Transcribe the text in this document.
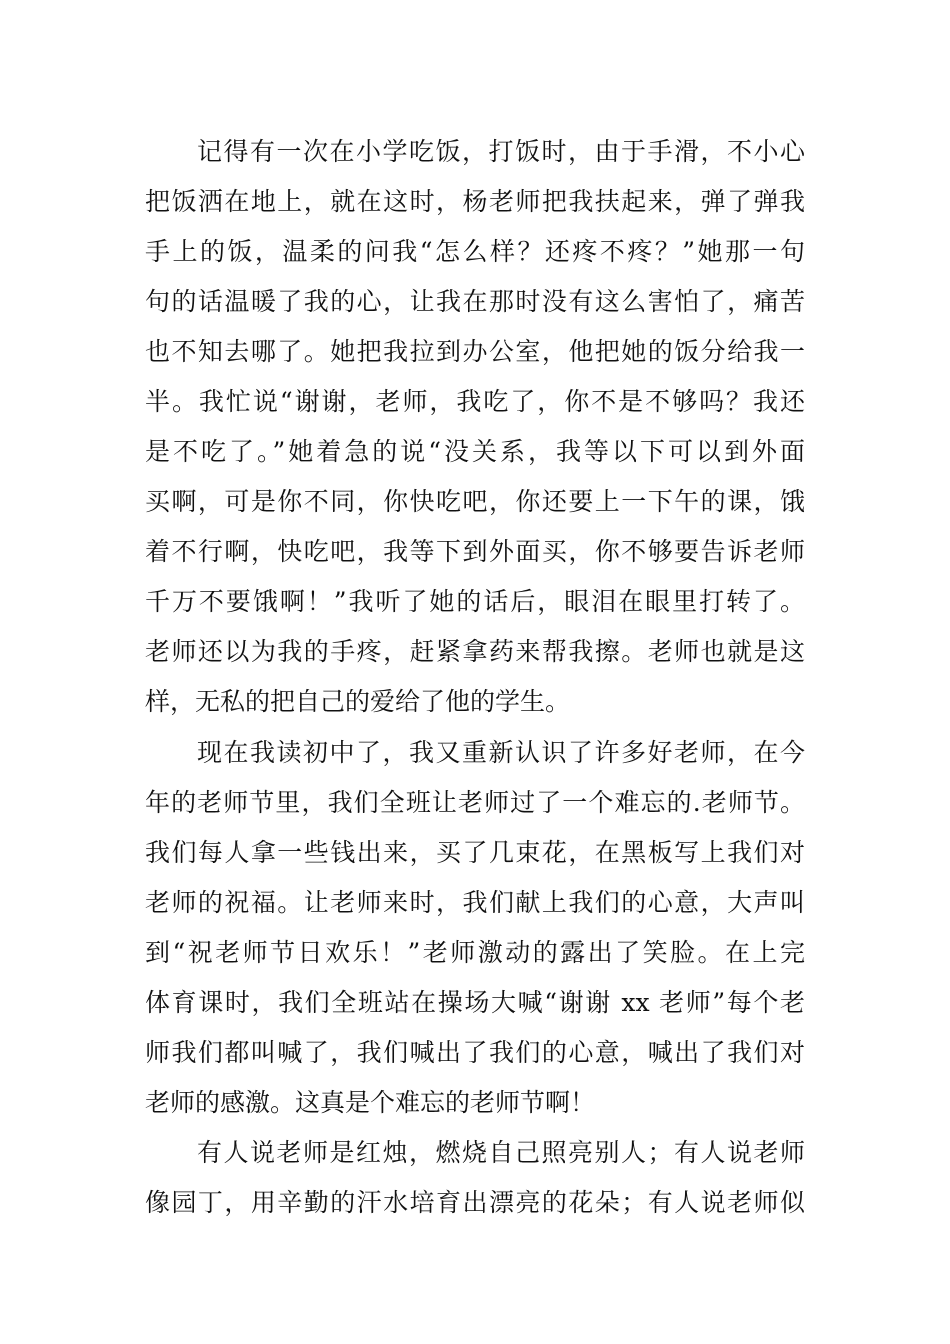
记得有一次在小学吃饭，打饭时，由于手滑，不小心
把饭洒在地上，就在这时，杨老师把我扶起来，弹了弹我
手上的饭，温柔的问我“怎么样？还疼不疼？”她那一句
句的话温暖了我的心，让我在那时没有这么害怕了，痛苦
也不知去哪了。她把我拉到办公室，他把她的饭分给我一
半。我忙说“谢谢，老师，我吃了，你不是不够吗？我还
是不吃了。”她着急的说“没关系，我等以下可以到外面
买啊，可是你不同，你快吃吧，你还要上一下午的课，饿
着不行啊，快吃吧，我等下到外面买，你不够要告诉老师
千万不要饿啊！”我听了她的话后，眼泪在眼里打转了。
老师还以为我的手疼，赶紧拿药来帮我擦。老师也就是这
样，无私的把自己的爱给了他的学生。
现在我读初中了，我又重新认识了许多好老师，在今
年的老师节里，我们全班让老师过了一个难忘的.老师节。
我们每人拿一些钱出来，买了几束花，在黑板写上我们对
老师的祝福。让老师来时，我们献上我们的心意，大声叫
到“祝老师节日欢乐！”老师激动的露出了笑脸。在上完
体育课时，我们全班站在操场大喊“谢谢 xx 老师”每个老
师我们都叫喊了，我们喊出了我们的心意，喊出了我们对
老师的感激。这真是个难忘的老师节啊！
有人说老师是红烛，燃烧自己照亮别人；有人说老师
像园丁，用辛勤的汗水培育出漂亮的花朵；有人说老师似
